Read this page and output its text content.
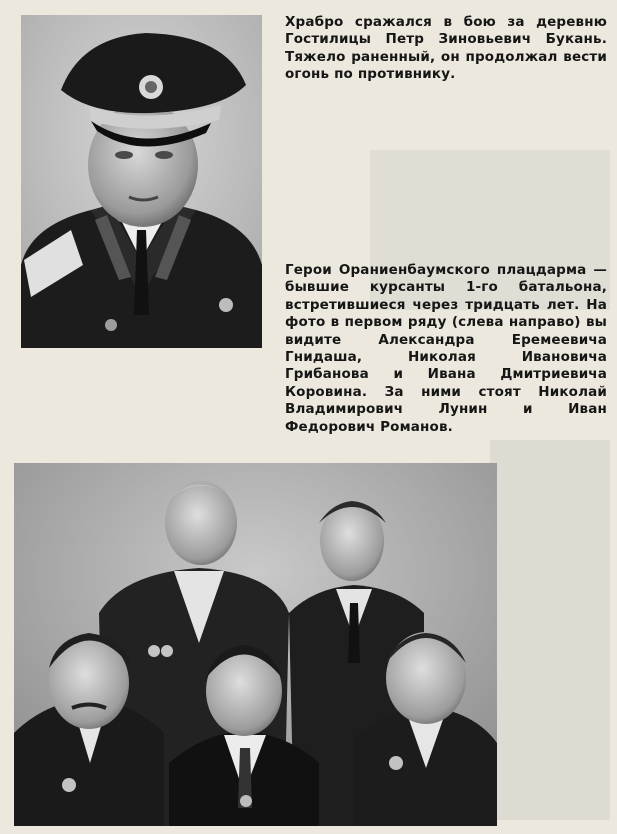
Храбро сражался в бою за деревню Гостилицы Петр Зиновьевич Букань. Тяжело раненный, он продолжал вести огонь по противнику.

Герои Ораниенбаумского плацдарма — бывшие курсанты 1-го батальона, встретившиеся через тридцать лет. На фото в первом ряду (слева направо) вы видите Александра Еремеевича Гнидаша, Николая Ивановича Грибанова и Ивана Дмитриевича Коровина. За ними стоят Николай Владимирович Лунин и Иван Федорович Романов.
